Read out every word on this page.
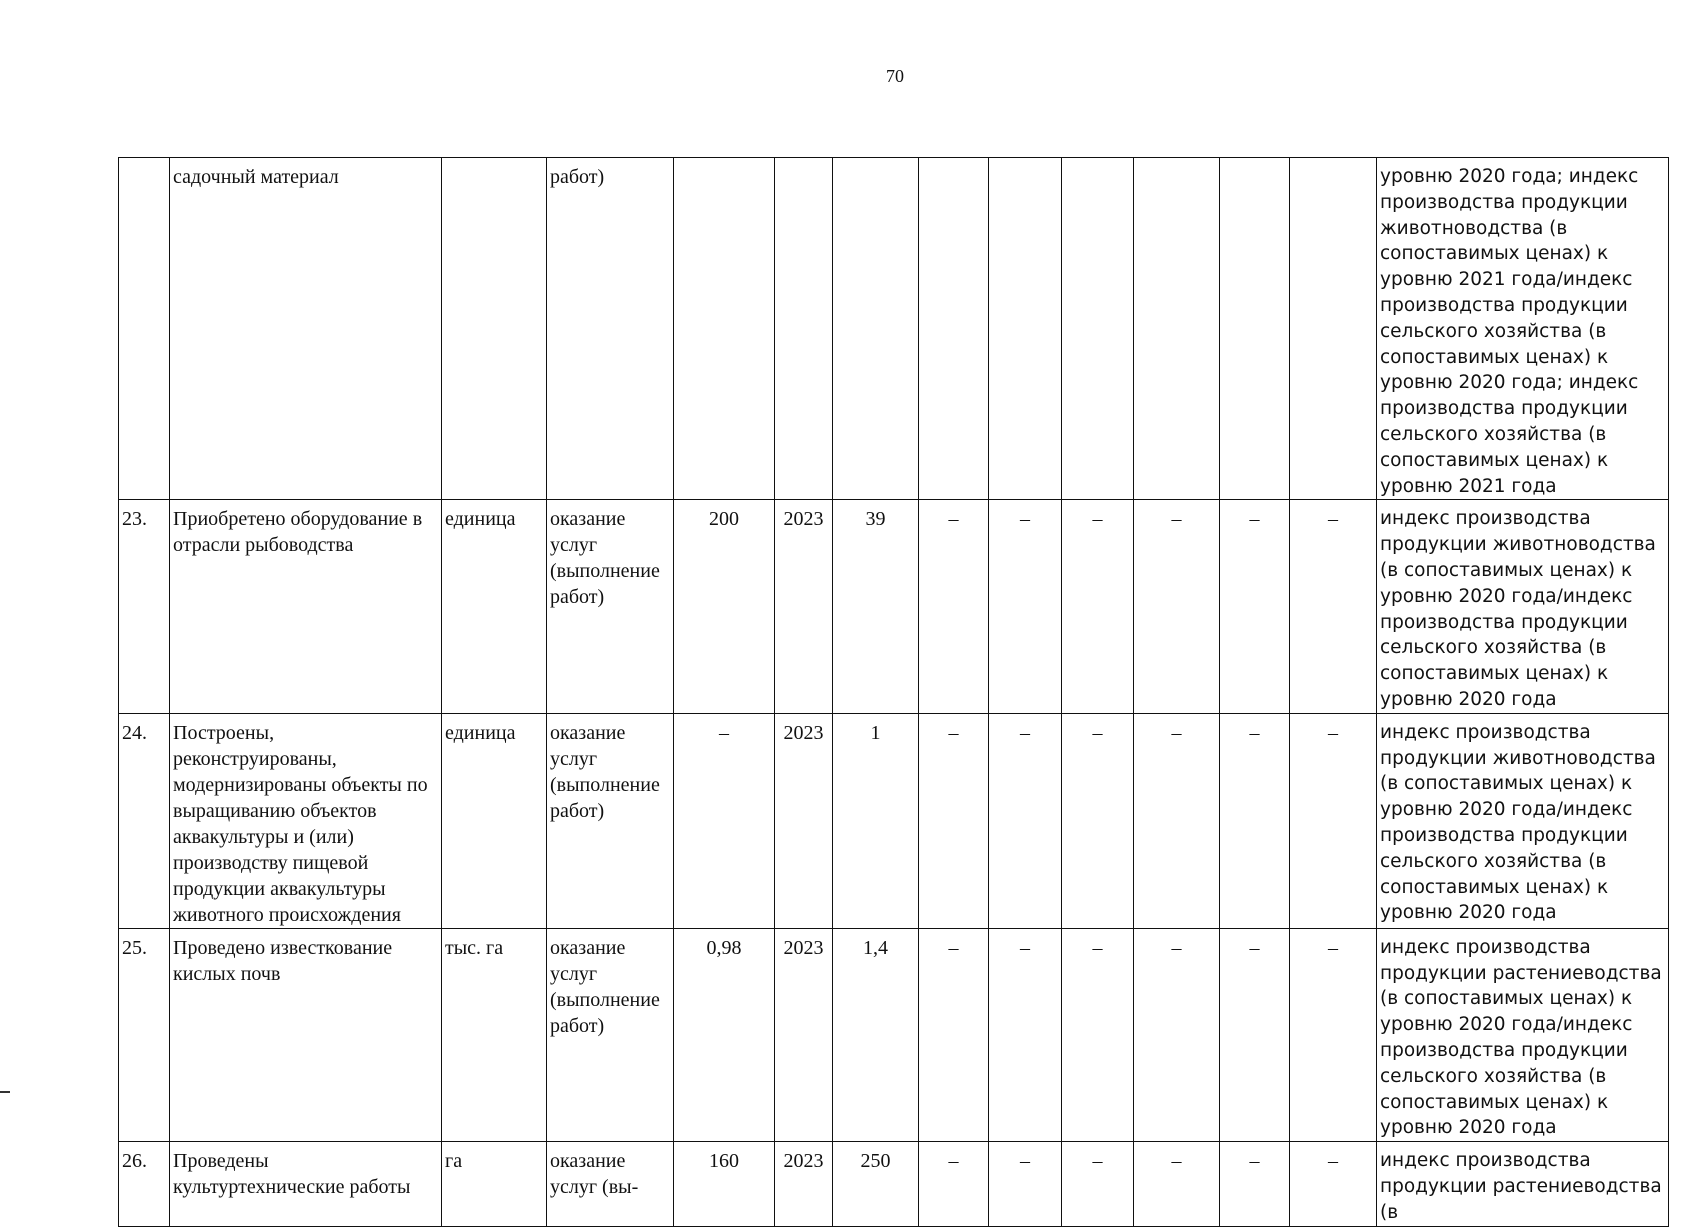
70
	садочный материал		работ)										уровню 2020 года; индекс производства продукции животноводства (в сопоставимых ценах) к уровню 2021 года/индекс производства продукции сельского хозяйства (в сопоставимых ценах) к уровню 2020 года; индекс производства продукции сельского хозяйства (в сопоставимых ценах) к уровню 2021 года
23.	Приобретено оборудование в отрасли рыбоводства	единица	оказание услуг (выполнение работ)	200	2023	39	–	–	–	–	–	–	индекс производства продукции животноводства (в сопоставимых ценах) к уровню 2020 года/индекс производства продукции сельского хозяйства (в сопоставимых ценах) к уровню 2020 года
24.	Построены, реконструированы, модернизированы объекты по выращиванию объектов аквакультуры и (или) производству пищевой продукции аквакультуры животного происхождения	единица	оказание услуг (выполнение работ)	–	2023	1	–	–	–	–	–	–	индекс производства продукции животноводства (в сопоставимых ценах) к уровню 2020 года/индекс производства продукции сельского хозяйства (в сопоставимых ценах) к уровню 2020 года
25.	Проведено известкование кислых почв	тыс. га	оказание услуг (выполнение работ)	0,98	2023	1,4	–	–	–	–	–	–	индекс производства продукции растениеводства (в сопоставимых ценах) к уровню 2020 года/индекс производства продукции сельского хозяйства (в сопоставимых ценах) к уровню 2020 года
26.	Проведены культуртехнические работы	га	оказание услуг (вы-	160	2023	250	–	–	–	–	–	–	индекс производства продукции растениеводства (в
